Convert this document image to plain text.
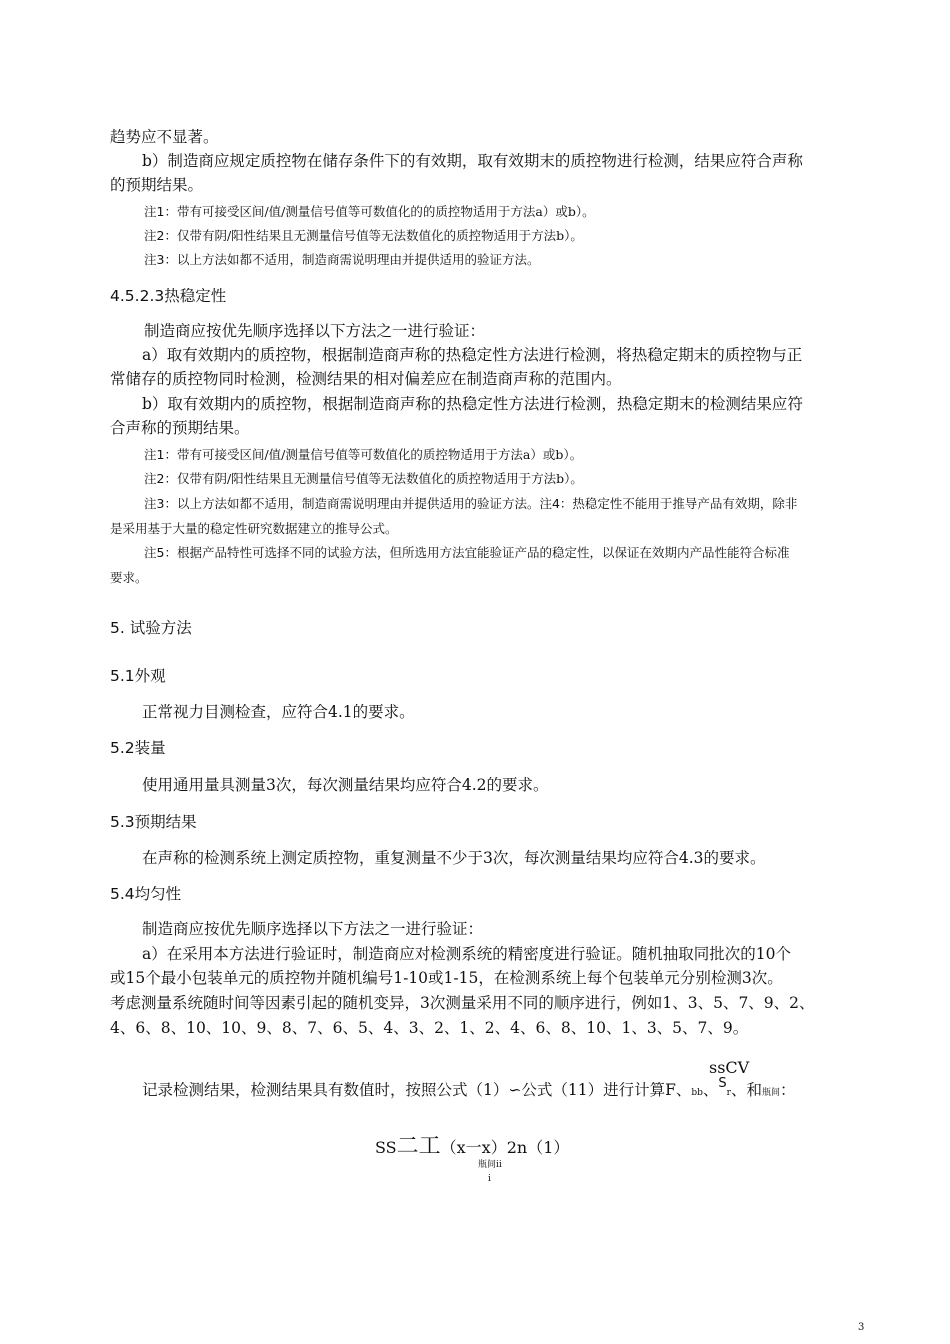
趋势应不显著。
b）制造商应规定质控物在储存条件下的有效期，取有效期末的质控物进行检测，结果应符合声称
的预期结果。
注1：带有可接受区间/值/测量信号值等可数值化的的质控物适用于方法a）或b）。
注2：仅带有阴/阳性结果且无测量信号值等无法数值化的质控物适用于方法b）。
注3：以上方法如都不适用，制造商需说明理由并提供适用的验证方法。
4.5.2.3热稳定性
制造商应按优先顺序选择以下方法之一进行验证：
a）取有效期内的质控物，根据制造商声称的热稳定性方法进行检测，将热稳定期末的质控物与正
常储存的质控物同时检测，检测结果的相对偏差应在制造商声称的范围内。
b）取有效期内的质控物，根据制造商声称的热稳定性方法进行检测，热稳定期末的检测结果应符
合声称的预期结果。
注1：带有可接受区间/值/测量信号值等可数值化的质控物适用于方法a）或b）。
注2：仅带有阴/阳性结果且无测量信号值等无法数值化的质控物适用于方法b）。
注3：以上方法如都不适用，制造商需说明理由并提供适用的验证方法。注4：热稳定性不能用于推导产品有效期，除非
是采用基于大量的稳定性研究数据建立的推导公式。
注5：根据产品特性可选择不同的试验方法，但所选用方法宜能验证产品的稳定性，以保证在效期内产品性能符合标准
要求。
5. 试验方法
5.1外观
正常视力目测检查，应符合4.1的要求。
5.2装量
使用通用量具测量3次，每次测量结果均应符合4.2的要求。
5.3预期结果
在声称的检测系统上测定质控物，重复测量不少于3次，每次测量结果均应符合4.3的要求。
5.4均匀性
制造商应按优先顺序选择以下方法之一进行验证：
a）在采用本方法进行验证时，制造商应对检测系统的精密度进行验证。随机抽取同批次的10个
或15个最小包装单元的质控物并随机编号1-10或1-15，在检测系统上每个包装单元分别检测3次。
考虑测量系统随时间等因素引起的随机变异，3次测量采用不同的顺序进行，例如1、3、5、7、9、2、
4、6、8、10、10、9、8、7、6、5、4、3、2、1、2、4、6、8、10、1、3、5、7、9。
ssCV
记录检测结果，检测结果具有数值时，按照公式（1）∽公式（11）进行计算F、bb、$^S$r、和瓶间：
SS二工（x一x）2n（1）
瓶间ii
i
3
